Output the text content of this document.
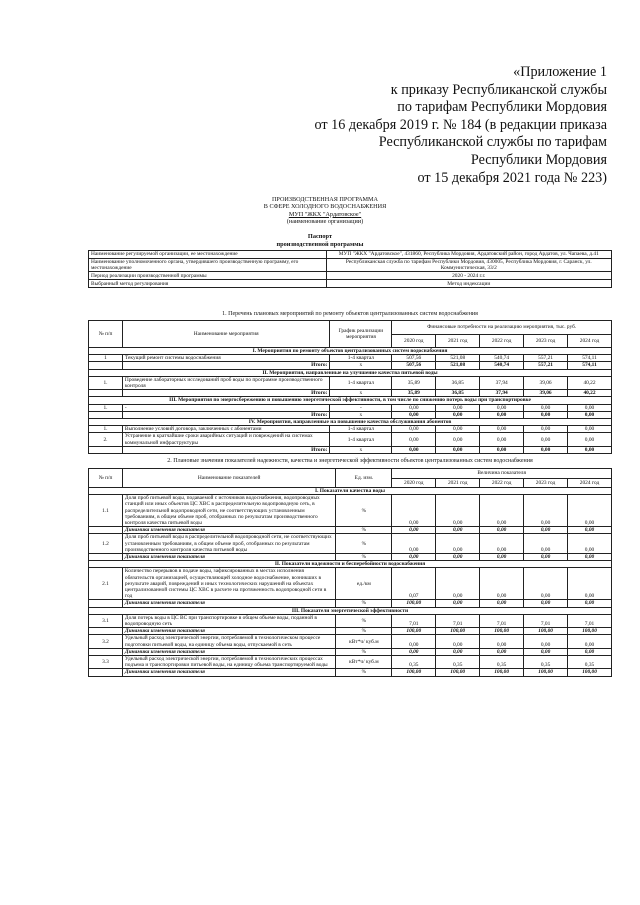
«Приложение 1
к приказу Республиканской службы
по тарифам Республики Мордовия
от 16 декабря 2019 г. № 184 (в редакции приказа
Республиканской службы по тарифам
Республики Мордовия
от 15 декабря 2021 года № 223)
ПРОИЗВОДСТВЕННАЯ ПРОГРАММА
В СФЕРЕ ХОЛОДНОГО ВОДОСНАБЖЕНИЯ
МУП "ЖКХ "Ардатовское"
(наименование организации)
Паспорт
производственной программы
Наименование регулируемой организации, ее местонахождение	МУП "ЖКХ "Ардатовское", 431860, Республика Мордовия, Ардатовский район, город Ардатов, ул. Чапаева, д.41
Наименование уполномоченного органа, утвердившего производственную программу, его местонахождение	Республиканская служба по тарифам Республики Мордовия, 430005, Республика Мордовия, г. Саранск, ул. Коммунистическая, 33/2
Период реализации производственной программы	2020 - 2024 г.г.
Выбранный метод регулирования	Метод индексации
1. Перечень плановых мероприятий по ремонту объектов централизованных систем водоснабжения
№ п/п	Наименование мероприятия	График реализации мероприятия	Финансовые потребности на реализацию мероприятия, тыс. руб.				
			2020 год	2021 год	2022 год	2023 год	2024 год
I. Мероприятия по ремонту объектов централизованных систем водоснабжения							
1	Текущий ремонт системы водоснабжения	1-4 квартал	507,56	521,08	540,74	557,21	574,11
	Итого:	х	507,56	521,08	540,74	557,21	574,11
II. Мероприятия, направленные на улучшение качества питьевой воды							
1.	Проведение лабораторных исследований проб воды по программе производственного контроля	1-4 квартал	35,89	36,85	37,94	39,06	40,22
	Итого:	х	35,89	36,85	37,94	39,06	40,22
III. Мероприятия по энергосбережению и повышению энергетической эффективности, в том числе по снижению потерь воды при транспортировке							
1.	-	-	0,00	0,00	0,00	0,00	0,00
	Итого:	х	0,00	0,00	0,00	0,00	0,00
IV. Мероприятия, направленные на повышение качества обслуживания абонентов							
1.	Выполнение условий договора, заключенных с абонентами	1-4 квартал	0,00	0,00	0,00	0,00	0,00
2.	Устранение в кратчайшие сроки аварийных ситуаций и повреждений на системах коммунальной инфраструктуры	1-4 квартал	0,00	0,00	0,00	0,00	0,00
	Итого:	х	0,00	0,00	0,00	0,00	0,00
2. Плановые значения показателей надежности, качества и энергетической эффективности объектов централизованных систем водоснабжения
№ п/п	Наименование показателей	Ед. изм.	Величина показателя				
			2020 год	2021 год	2022 год	2023 год	2024 год
I. Показатели качества воды							
1.1	Доля проб питьевой воды, подаваемой с источников водоснабжения, водопроводных станций или иных объектов ЦС ХВС в распределительную водопроводную сеть, в распределительной водопроводной сети, не соответствующих установленным требованиям, в общем объеме проб, отобранных по результатам производственного контроля качества питьевой воды	%	0,00	0,00	0,00	0,00	0,00
	Динамика изменения показателя	%	0,00	0,00	0,00	0,00	0,00
1.2	Доля проб питьевой воды в распределительной водопроводной сети, не соответствующих установленным требованиям, в общем объеме проб, отобранных по результатам производственного контроля качества питьевой воды	%	0,00	0,00	0,00	0,00	0,00
	Динамика изменения показателя	%	0,00	0,00	0,00	0,00	0,00
II. Показатели надежности и бесперебойности водоснабжения							
2.1	Количество перерывов в подаче воды, зафиксированных в местах исполнения обязательств организацией, осуществляющей холодное водоснабжение, возникших в результате аварий, повреждений и иных технологических нарушений на объектах централизованной системы ЦС ХВС в расчете на протяженность водопроводной сети в год	ед./км	0,07	0,00	0,00	0,00	0,00
	Динамика изменения показателя	%	100,00	0,00	0,00	0,00	0,00
III. Показатели энергетической эффективности							
3.1	Доля потерь воды в ЦС ВС при транспортировке в общем объеме воды, поданной в водопроводную сеть	%	7,01	7,01	7,01	7,01	7,01
	Динамика изменения показателя	%	100,00	100,00	100,00	100,00	100,00
3.2	Удельный расход электрической энергии, потребляемой в технологическом процессе подготовки питьевой воды, на единицу объема воды, отпускаемой в сеть	кВт*ч/ куб.м	0,00	0,00	0,00	0,00	0,00
	Динамика изменения показателя	%	0,00	0,00	0,00	0,00	0,00
3.3	Удельный расход электрической энергии, потребляемой в технологических процессах подъема и транспортировки питьевой воды, на единицу объема транспортируемой воды	кВт*ч/ куб.м	0,35	0,35	0,35	0,35	0,35
	Динамика изменения показателя	%	100,00	100,00	100,00	100,00	100,00
